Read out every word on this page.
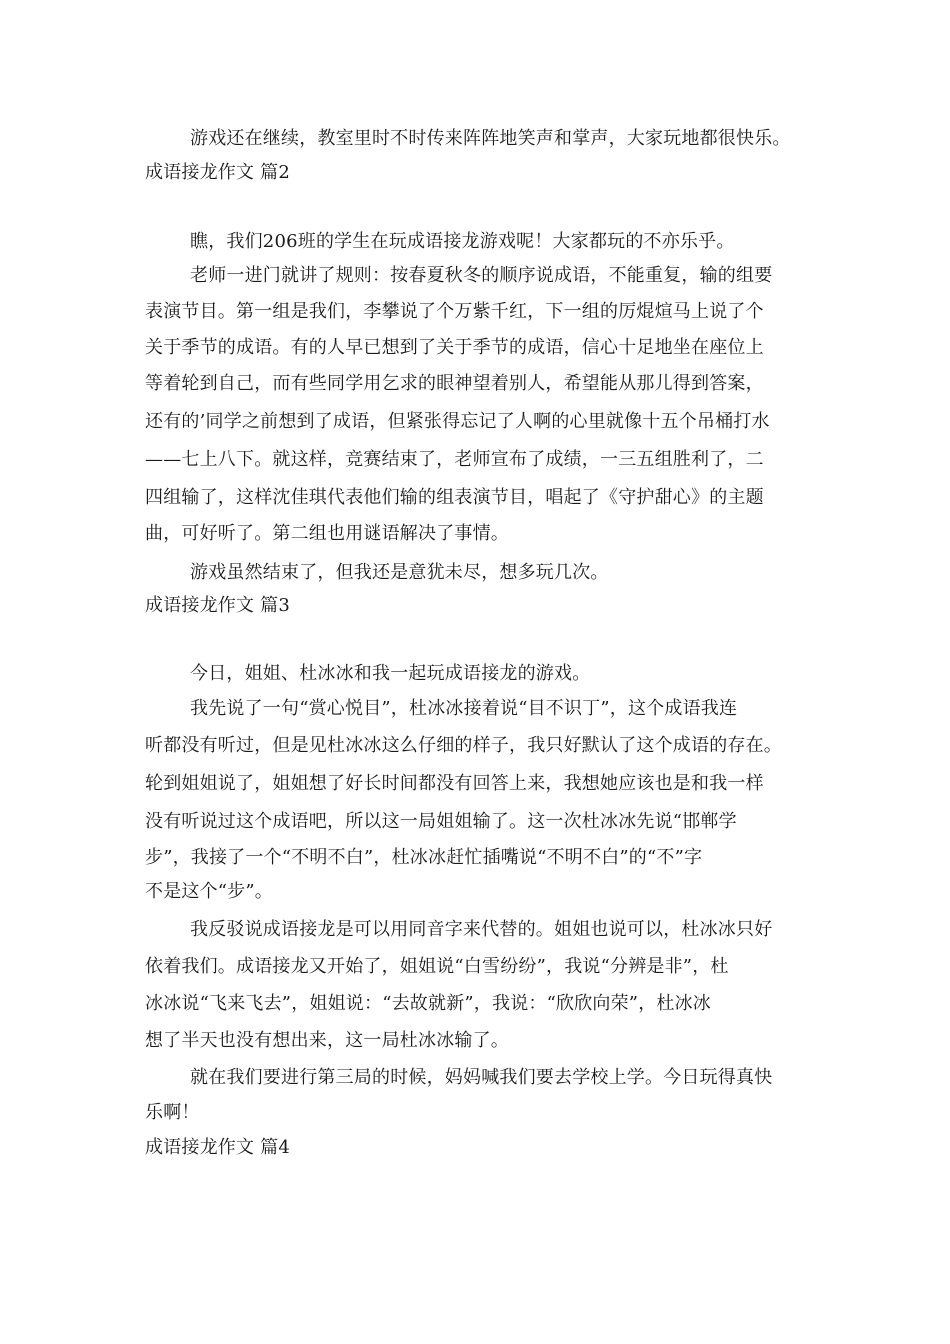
游戏还在继续，教室里时不时传来阵阵地笑声和掌声，大家玩地都很快乐。
成语接龙作文 篇2
瞧，我们206班的学生在玩成语接龙游戏呢！大家都玩的不亦乐乎。
老师一进门就讲了规则：按春夏秋冬的顺序说成语，不能重复，输的组要
表演节目。第一组是我们，李攀说了个万紫千红，下一组的厉焜煊马上说了个
关于季节的成语。有的人早已想到了关于季节的成语，信心十足地坐在座位上
等着轮到自己，而有些同学用乞求的眼神望着别人，希望能从那儿得到答案，
还有的’同学之前想到了成语，但紧张得忘记了人啊的心里就像十五个吊桶打水
——七上八下。就这样，竞赛结束了，老师宣布了成绩，一三五组胜利了，二
四组输了，这样沈佳琪代表他们输的组表演节目，唱起了《守护甜心》的主题
曲，可好听了。第二组也用谜语解决了事情。
游戏虽然结束了，但我还是意犹未尽，想多玩几次。
成语接龙作文 篇3
今日，姐姐、杜冰冰和我一起玩成语接龙的游戏。
我先说了一句“赏心悦目”，杜冰冰接着说“目不识丁”，这个成语我连
听都没有听过，但是见杜冰冰这么仔细的样子，我只好默认了这个成语的存在。
轮到姐姐说了，姐姐想了好长时间都没有回答上来，我想她应该也是和我一样
没有听说过这个成语吧，所以这一局姐姐输了。这一次杜冰冰先说“邯郸学
步”，我接了一个“不明不白”，杜冰冰赶忙插嘴说“不明不白”的“不”字
不是这个“步”。
我反驳说成语接龙是可以用同音字来代替的。姐姐也说可以，杜冰冰只好
依着我们。成语接龙又开始了，姐姐说“白雪纷纷”，我说“分辨是非”，杜
冰冰说“飞来飞去”，姐姐说：“去故就新”，我说：“欣欣向荣”，杜冰冰
想了半天也没有想出来，这一局杜冰冰输了。
就在我们要进行第三局的时候，妈妈喊我们要去学校上学。今日玩得真快
乐啊！
成语接龙作文 篇4
